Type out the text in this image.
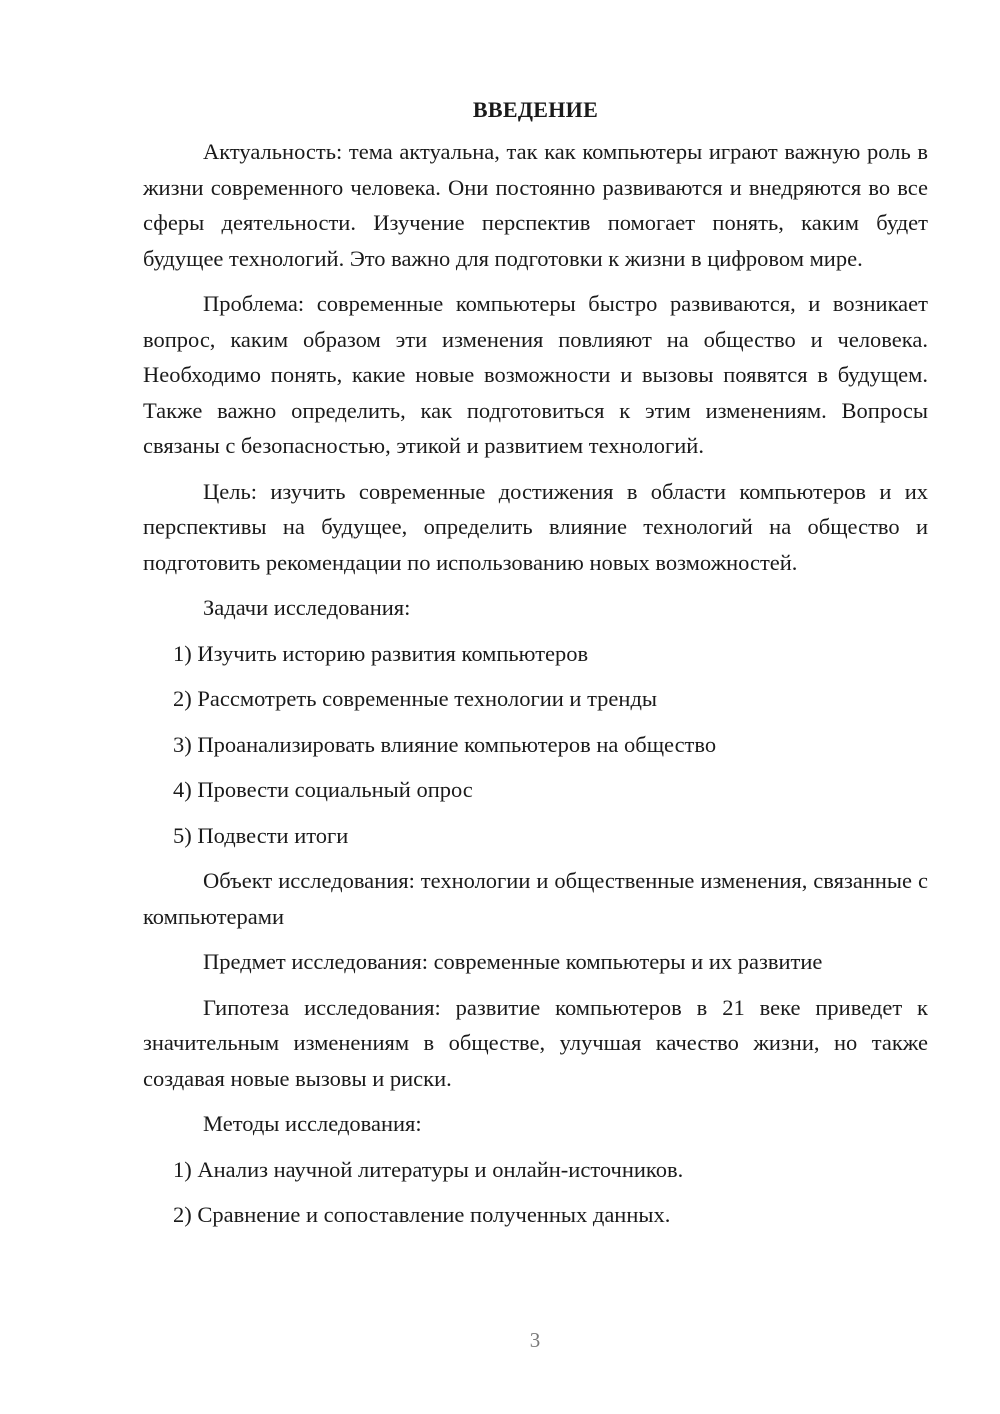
ВВЕДЕНИЕ

Актуальность: тема актуальна, так как компьютеры играют важную роль в жизни современного человека. Они постоянно развиваются и внедряются во все сферы деятельности. Изучение перспектив помогает понять, каким будет будущее технологий. Это важно для подготовки к жизни в цифровом мире.

Проблема: современные компьютеры быстро развиваются, и возникает вопрос, каким образом эти изменения повлияют на общество и человека. Необходимо понять, какие новые возможности и вызовы появятся в будущем. Также важно определить, как подготовиться к этим изменениям. Вопросы связаны с безопасностью, этикой и развитием технологий.

Цель: изучить современные достижения в области компьютеров и их перспективы на будущее, определить влияние технологий на общество и подготовить рекомендации по использованию новых возможностей.

Задачи исследования:

1) Изучить историю развития компьютеров

2) Рассмотреть современные технологии и тренды

3) Проанализировать влияние компьютеров на общество

4) Провести социальный опрос

5) Подвести итоги

Объект исследования: технологии и общественные изменения, связанные с компьютерами

Предмет исследования: современные компьютеры и их развитие

Гипотеза исследования: развитие компьютеров в 21 веке приведет к значительным изменениям в обществе, улучшая качество жизни, но также создавая новые вызовы и риски.

Методы исследования:

1) Анализ научной литературы и онлайн-источников.

2) Сравнение и сопоставление полученных данных.

3
